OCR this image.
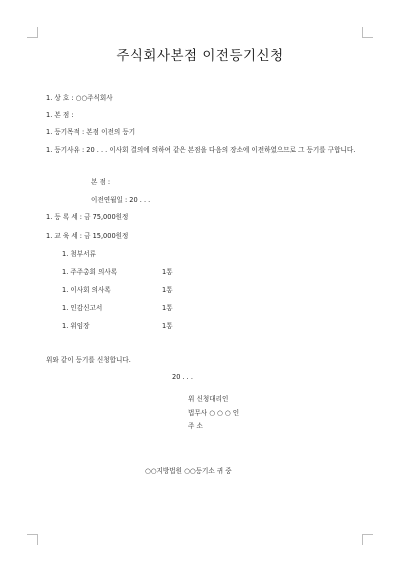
주식회사본점 이전등기신청
1. 상 호 : ○○주식회사
1. 본 점 :
1. 등기목적 : 본점 이전의 등기
1. 등기사유 : 20 . . . 이사회 결의에 의하여 같은 본점을 다음의 장소에 이전하였으므로 그 등기를 구합니다.
본 점 :
이전연월일 : 20 . . .
1. 등 록 세 : 금 75,000원정
1. 교 육 세 : 금 15,000원정
1. 첨부서류
1. 주주총회 의사록	1통
1. 이사회 의사록	1통
1. 인감신고서	1통
1. 위임장	1통
위와 같이 등기를 신청합니다.
20 . . .
위 신청대리인
법무사 ○ ○ ○ 인
주 소
○○지방법원 ○○등기소 귀 중
